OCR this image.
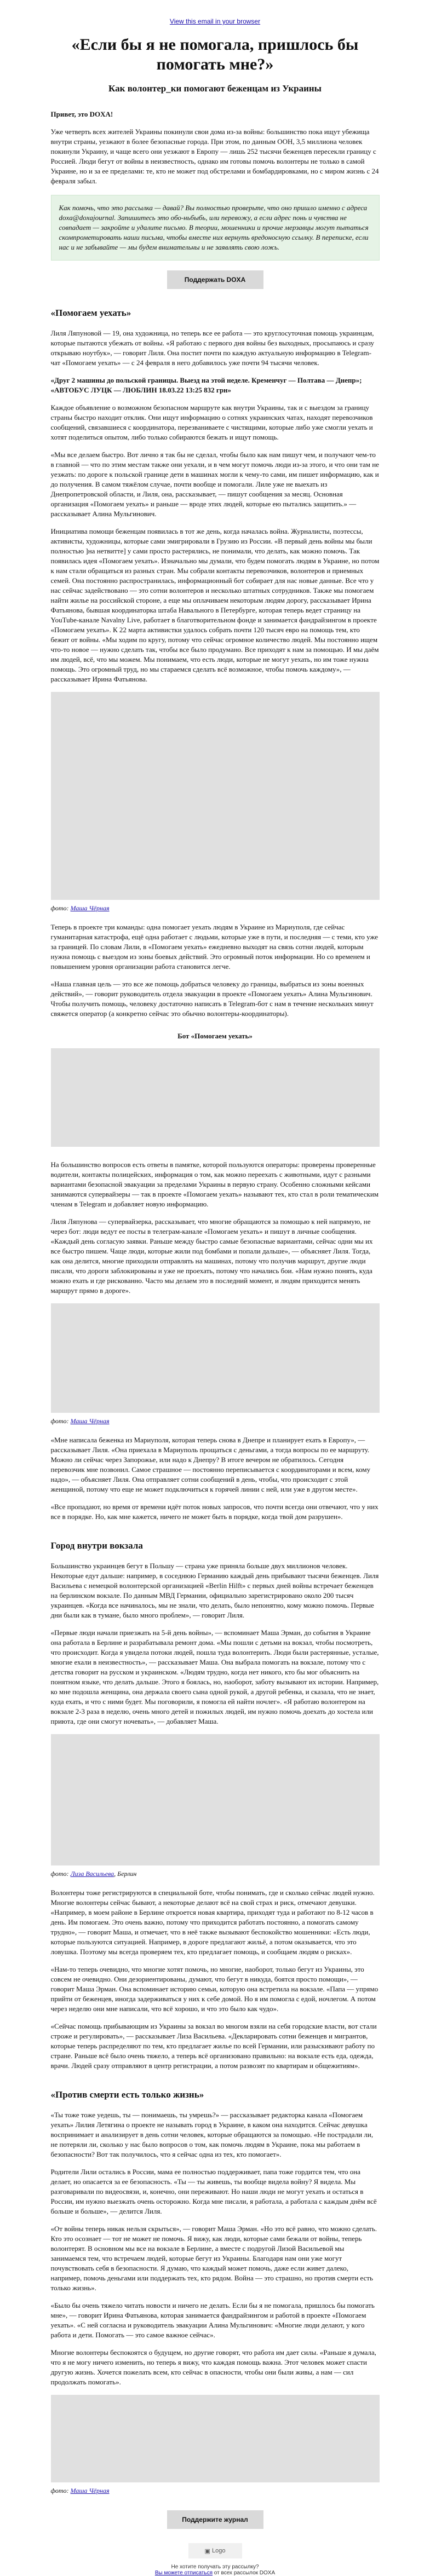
View this email in your browser
«Если бы я не помогала, пришлось бы помогать мне?»
Как волонтер_ки помогают беженцам из Украины

Привет, это DOXA!

Уже четверть всех жителей Украины покинули свои дома из-за войны: большинство пока ищут убежища внутри страны, уезжают в более безопасные города. При этом, по данным ООН, 3,5 миллиона человек покинули Украину, и чаще всего они уезжают в Европу — лишь 252 тысячи беженцев пересекли границу с Россией. Люди бегут от войны в неизвестность, однако им готовы помочь волонтеры не только в самой Украине, но и за ее пределами: те, кто не может под обстрелами и бомбардировками, но с миром жизнь с 24 февраля забыл.

Как помочь, что это рассылка — давай? Вы полностью проверьте, что оно пришло именно с адреса doxa@doxajournal. Запишитесь это обо-ньбыбь, или перевожу, а если адрес понь и чувства не совпадает — закройте и удалите письмо. В теории, мошенники и прочие мерзавцы могут пытаться скомпрометировать наши письма, чтобы вместе них вернуть вредоносную ссылку. В переписке, если нас и не забывайте — мы будем внимательны и не заявлять свою ложь.

Поддержать DOXA
«Помогаем уехать»

Лиля Ляпуновой — 19, она художница, но теперь все ее работа — это круглосуточная помощь украинцам, которые пытаются убежать от войны. «Я работаю с первого дня войны без выходных, просыпаюсь и сразу открываю ноутбук», — говорит Лиля. Она постит почти по каждую актуальную информацию в Telegram-чат «Помогаем уехать» — с 24 февраля в него добавилось уже почти 94 тысячи человек.

«Друг 2 машины до польской границы. Выезд на этой неделе. Кременчуг — Полтава — Днепр»; «АВТОБУС ЛУЦК — ЛЮБЛИН 18.03.22 13:25 832 грн»

Каждое объявление о возможном безопасном маршруте как внутри Украины, так и с выездом за границу страны быстро находит отклик. Они ищут информацию о сотнях украинских чатах, находят перевозчиков сообщений, связавшиеся с координатора, перезваниваете с чистящими, которые либо уже смогли уехать и хотят поделиться опытом, либо только собираются бежать и ищут помощь.

«Мы все делаем быстро. Вот лично я так бы не сделал, чтобы было как нам пишут чем, и получают чем-то в главной — что по этим местам также они уехали, и в чем могут помочь люди из-за этого, и что они там не уезжать: по дороге к польской границе дети в машинах могли к чему-то сами, им пишет информацию, как и до получения. В самом тяжёлом случае, почти вообще и помогали. Лиле уже не выехать из Днепропетровской области, и Лиля, она, рассказывает, — пишут сообщения за месяц. Основная организация «Помогаем уехать» и раньше — вроде этих людей, которые ею пытались защитить.» — рассказывает Алина Мульгинович.

Инициатива помощи беженцам появилась в тот же день, когда началась война. Журналисты, поэтессы, активисты, художницы, которые сами эмигрировали в Грузию из России. «В первый день войны мы были полностью ]на нетвитте] у сами просто растерялись, не понимали, что делать, как можно помочь. Так появилась идея «Помогаем уехать». Изначально мы думали, что будем помогать людям в Украине, но потом к нам стали обращаться из разных стран. Мы собрали контакты перевозчиков, волонтеров и приемных семей. Она постоянно распространилась, информационный бот собирает для нас новые данные. Все что у нас сейчас задействовано — это сотни волонтеров и несколько штатных сотрудников. Также мы помогаем найти жилье на российской стороне, а еще мы оплачиваем некоторым людям дорогу, рассказывает Ирина Фатьянова, бывшая координаторка штаба Навального в Петербурге, которая теперь ведет страницу на YouTube-канале Navalny Live, работает в благотворительном фонде и занимается фандрайзингом в проекте «Помогаем уехать». К 22 марта активистки удалось собрать почти 120 тысяч евро на помощь тем, кто бежит от войны. «Мы ходим по кругу, потому что сейчас огромное количество людей. Мы постоянно ищем что-то новое — нужно сделать так, чтобы все было продумано. Все приходят к нам за помощью. И мы даём им людей, всё, что мы можем. Мы понимаем, что есть люди, которые не могут уехать, но им тоже нужна помощь. Это огромный труд, но мы стараемся сделать всё возможное, чтобы помочь каждому», — рассказывает Ирина Фатьянова.

фото: Маша Чёрная

Теперь в проекте три команды: одна помогает уехать людям в Украине из Мариуполя, где сейчас гуманитарная катастрофа, ещё одна работает с людьми, которые уже в пути, и последняя — с теми, кто уже за границей. По словам Лили, в «Помогаем уехать» ежедневно выходят на связь сотни людей, которым нужна помощь с выездом из зоны боевых действий. Это огромный поток информации. Но со временем и повышением уровня организации работа становится легче.

«Наша главная цель — это все же помощь добраться человеку до границы, выбраться из зоны военных действий», — говорит руководитель отдела эвакуации в проекте «Помогаем уехать» Алина Мульгинович. Чтобы получить помощь, человеку достаточно написать в Telegram-бот с нам в течение нескольких минут свяжется оператор (а конкретно сейчас это обычно волонтеры-координаторы).

Бот «Помогаем уехать»

На большинство вопросов есть ответы в памятке, которой пользуются операторы: проверены проверенные водители, контакты полицейских, информация о том, как можно переехать с животными, идут с разными вариантами безопасной эвакуации за пределами Украины в первую страну. Особенно сложными кейсами занимаются супервайзеры — так в проекте «Помогаем уехать» называют тех, кто стал в роли тематическим членам в Telegram и добавляет новую информацию.

Лиля Ляпунова — супервайзерка, рассказывает, что многие обращаются за помощью к ней напрямую, не через бот: люди ведут ее посты в телеграм-канале «Помогаем уехать» и пишут в личные сообщения. «Каждый день согласую заявки. Раньше между быстро самые безопасные вариантами, сейчас одни мы их все быстро пишем. Чаще люди, которые жили под бомбами и попали дальше», — объясняет Лиля. Тогда, как она делится, многие приходили отправлять на машинах, потому что получив маршрут, другие люди писали, что дороги заблокированы и уже не проехать, потому что начались бои. «Нам нужно понять, куда можно ехать и где рискованно. Часто мы делаем это в последний момент, и людям приходится менять маршрут прямо в дороге».

фото: Маша Чёрная

«Мне написала беженка из Мариуполя, которая теперь снова в Днепре и планирует ехать в Европу», — рассказывает Лиля. «Она приехала в Мариуполь прощаться с деньгами, а тогда вопросы по ее маршруту. Можно ли сейчас через Запорожье, или надо к Днепру? В итоге вечером не обратилось. Сегодня перевозчик мне позвонил. Самое страшное — постоянно переписывается с координаторами и всем, кому надо», — объясняет Лиля. Она отправляет сотни сообщений в день, чтобы, что происходит с этой женщиной, потому что еще не может подключиться к горячей линии с ней, или уже в другом месте».

«Все пропадают, но время от времени идёт поток новых запросов, что почти всегда они отвечают, что у них все в порядке. Но, как мне кажется, ничего не может быть в порядке, когда твой дом разрушен».

Город внутри вокзала

Большинство украинцев бегут в Польшу — страна уже приняла больше двух миллионов человек. Некоторые едут дальше: например, в соседнюю Германию каждый день прибывают тысячи беженцев. Лиля Васильева с немецкой волонтерской организацией «Berlin Hilft» с первых дней войны встречает беженцев на берлинском вокзале. По данным МВД Германии, официально зарегистрировано около 200 тысяч украинцев. «Когда все начиналось, мы не знали, что делать, было непонятно, кому можно помочь. Первые дни были как в тумане, было много проблем», — говорит Лиля.

«Первые люди начали приезжать на 5-й день войны», — вспоминает Маша Эрман, до события в Украине она работала в Берлине и разрабатывала ремонт дома. «Мы пошли с детьми на вокзал, чтобы посмотреть, что происходит. Когда я увидела потоки людей, пошла туда волонтерить. Люди были растерянные, усталые, многие ехали в неизвестность», — рассказывает Маша. Она выбрала помогать на вокзале, потому что с детства говорит на русском и украинском. «Людям трудно, когда нет никого, кто бы мог объяснить на понятном языке, что делать дальше. Этого я боялась, но, наоборот, заботу вызывают их истории. Например, ко мне подошла женщина, она держала своего сына одной рукой, а другой ребенка, и сказала, что не знает, куда ехать, и что с ними будет. Мы поговорили, я помогла ей найти ночлег». «Я работаю волонтером на вокзале 2-3 раза в неделю, очень много детей и пожилых людей, им нужно помочь доехать до хостела или приюта, где они смогут ночевать», — добавляет Маша.

фото: Лиза Васильева, Берлин

Волонтеры тоже регистрируются в специальной боте, чтобы понимать, где и сколько сейчас людей нужно. Многие волонтеры сейчас бывают, а некоторые делают всё на свой страх и риск, отмечают девушки. «Например, в моем районе в Берлине откроется новая квартира, приходят туда и работают по 8-12 часов в день. Им помогаем. Это очень важно, потому что приходится работать постоянно, а помогать самому трудно», — говорит Маша, и отмечает, что в неё также вызывают беспокойство мошенники: «Есть люди, которые пользуются ситуацией. Например, в дороге предлагают жильё, а потом оказывается, что это ловушка. Поэтому мы всегда проверяем тех, кто предлагает помощь, и сообщаем людям о рисках».

«Нам-то теперь очевидно, что многие хотят помочь, но многие, наоборот, только бегут из Украины, это совсем не очевидно. Они дезориентированы, думают, что бегут в никуда, боятся просто помощи», — говорит Маша Эрман. Она вспоминает историю семьи, которую она встретила на вокзале. «Папа — упрямо прийти от беженцев, иногда задерживаться у них к себе домой. Но я им помогла с едой, ночлегом. А потом через неделю они мне написали, что всё хорошо, и что это было как чудо».

«Сейчас помощь прибывающим из Украины за вокзал во многом взяли на себя городские власти, вот стали строже и регулировать», — рассказывает Лиза Васильева. «Декларировать сотни беженцев и мигрантов, которые теперь распределяют по тем, кто предлагает жилье по всей Германии, или разыскивают работу по стране. Раньше всё было очень тяжело, а теперь всё организовано правильно: на вокзале есть еда, одежда, врачи. Людей сразу отправляют в центр регистрации, а потом развозят по квартирам и общежитиям».

«Против смерти есть только жизнь»

«Ты тоже тоже уедешь, ты — понимаешь, ты умрешь?» — рассказывает редакторка канала «Помогаем уехать» Лилия Летягина о проекте не называть город в Украине, в каком она находится. Сейчас девушка воспринимает и анализирует в день сотни человек, которые обращаются за помощью. «Не пострадали ли, не потеряли ли, сколько у нас было вопросов о том, как помочь людям в Украине, пока мы работаем в безопасности? Вот так получилось, что я сейчас одна из тех, кто помогает».

Родители Лили остались в России, мама ее полностью поддерживает, папа тоже гордится тем, что она делает, но опасается за ее безопасность. «Ты — ты живешь, ты вообще видела войну? Я видела. Мы разговаривали по видеосвязи, и, конечно, они переживают. Но наши люди не могут уехать и остаться в России, им нужно выезжать очень осторожно. Когда мне писали, я работала, а работала с каждым днём всё больше и больше», — делится Лиля.

«От войны теперь никак нельзя скрыться», — говорит Маша Эрман. «Но это всё равно, что можно сделать. Кто это осознает — тот не может не помочь. Я вижу, как люди, которые сами бежали от войны, теперь волонтерят. В основном мы все на вокзале в Берлине, а вместе с подругой Лизой Васильевой мы занимаемся тем, что встречаем людей, которые бегут из Украины. Благодаря нам они уже могут почувствовать себя в безопасности. Я думаю, что каждый может помочь, даже если живет далеко, например, помочь деньгами или поддержать тех, кто рядом. Война — это страшно, но против смерти есть только жизнь».

«Было бы очень тяжело читать новости и ничего не делать. Если бы я не помогала, пришлось бы помогать мне», — говорит Ирина Фатьянова, которая занимается фандрайзингом и работой в проекте «Помогаем уехать». «С ней согласна и руководитель эвакуации Алина Мульгинович: «Многие люди делают, у кого работа и дети. Помогать — это самое важное сейчас».

Многие волонтеры беспокоятся о будущем, но другие говорят, что работа им дает силы. «Раньше я думала, что я не могу ничего изменить, но теперь я вижу, что каждая помощь важна. Этот человек может спасти другую жизнь. Хочется пожелать всем, кто сейчас в опасности, чтобы они были живы, а нам — сил продолжать помогать».

фото: Маша Чёрная
Поддержите журнал
▣ Logo
Не хотите получать эту рассылку?
Вы можете отписаться от всех рассылок DOXA
